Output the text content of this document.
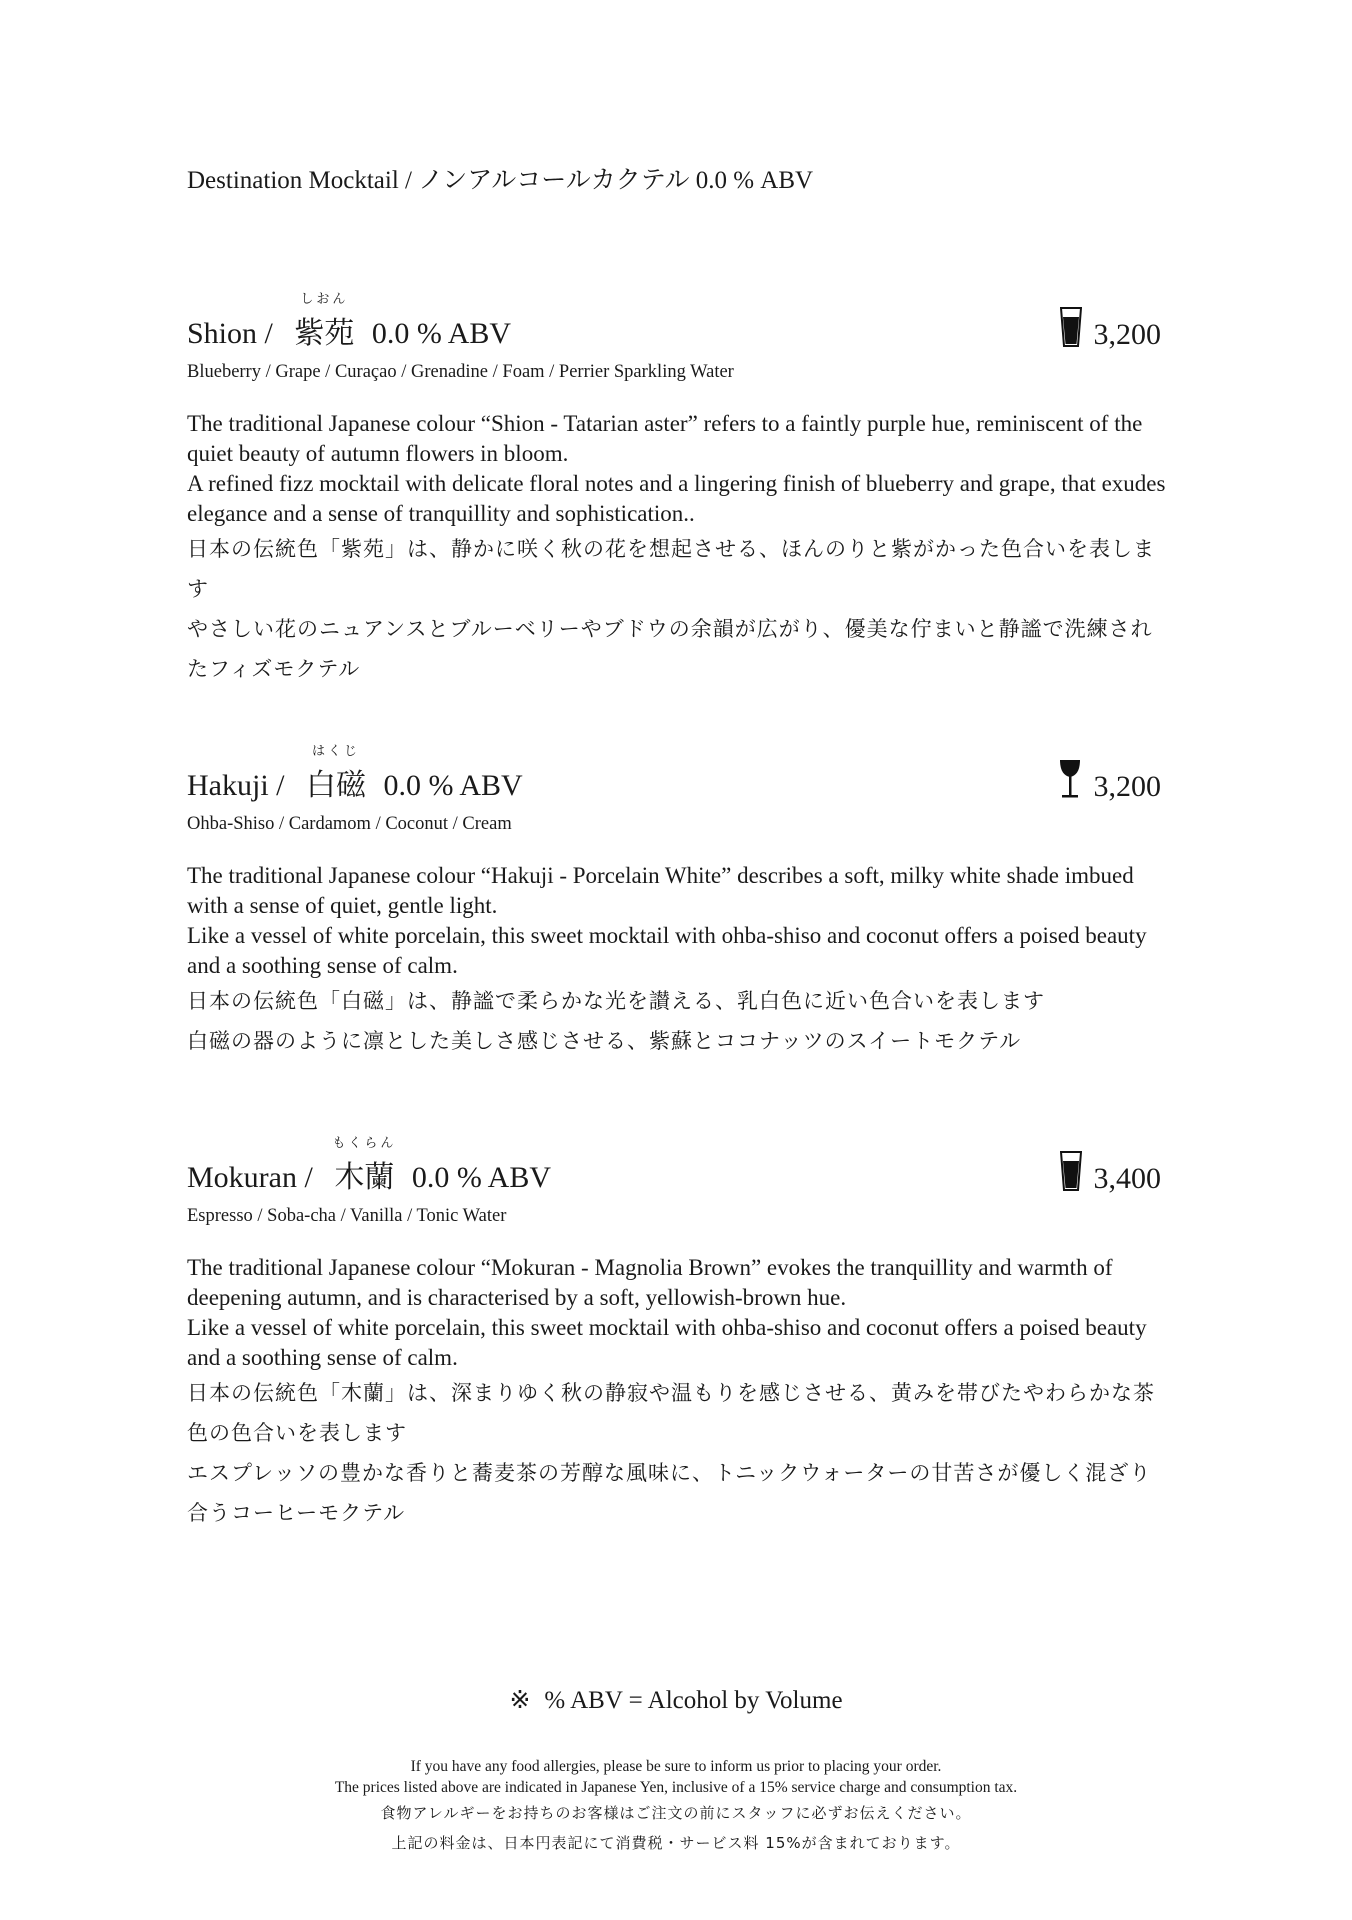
Destination Mocktail / ノンアルコールカクテル 0.0 % ABV
Shion /
しおん
紫苑 0.0 % ABV	3,200
Blueberry / Grape / Curaçao / Grenadine / Foam / Perrier Sparkling Water
The traditional Japanese colour “Shion - Tatarian aster” refers to a faintly purple hue, reminiscent of the quiet beauty of autumn flowers in bloom.
A refined fizz mocktail with delicate floral notes and a lingering finish of blueberry and grape, that exudes elegance and a sense of tranquillity and sophistication..
日本の伝統色「紫苑」は、静かに咲く秋の花を想起させる、ほんのりと紫がかった色合いを表します
やさしい花のニュアンスとブルーベリーやブドウの余韻が広がり、優美な佇まいと静謐で洗練されたフィズモクテル
Hakuji /
はくじ
白磁 0.0 % ABV	3,200
Ohba-Shiso / Cardamom / Coconut / Cream
The traditional Japanese colour “Hakuji - Porcelain White” describes a soft, milky white shade imbued with a sense of quiet, gentle light.
Like a vessel of white porcelain, this sweet mocktail with ohba-shiso and coconut offers a poised beauty and a soothing sense of calm.
日本の伝統色「白磁」は、静謐で柔らかな光を讃える、乳白色に近い色合いを表します
白磁の器のように凛とした美しさ感じさせる、紫蘇とココナッツのスイートモクテル
Mokuran /
もくらん
木蘭 0.0 % ABV	3,400
Espresso / Soba-cha / Vanilla / Tonic Water
The traditional Japanese colour “Mokuran - Magnolia Brown” evokes the tranquillity and warmth of deepening autumn, and is characterised by a soft, yellowish-brown hue.
Like a vessel of white porcelain, this sweet mocktail with ohba-shiso and coconut offers a poised beauty and a soothing sense of calm.
日本の伝統色「木蘭」は、深まりゆく秋の静寂や温もりを感じさせる、黄みを帯びたやわらかな茶色の色合いを表します
エスプレッソの豊かな香りと蕎麦茶の芳醇な風味に、トニックウォーターの甘苦さが優しく混ざり合うコーヒーモクテル
※ % ABV = Alcohol by Volume
If you have any food allergies, please be sure to inform us prior to placing your order.
The prices listed above are indicated in Japanese Yen, inclusive of a 15% service charge and consumption tax.
食物アレルギーをお持ちのお客様はご注文の前にスタッフに必ずお伝えください。
上記の料金は、日本円表記にて消費税・サービス料 15%が含まれております。
